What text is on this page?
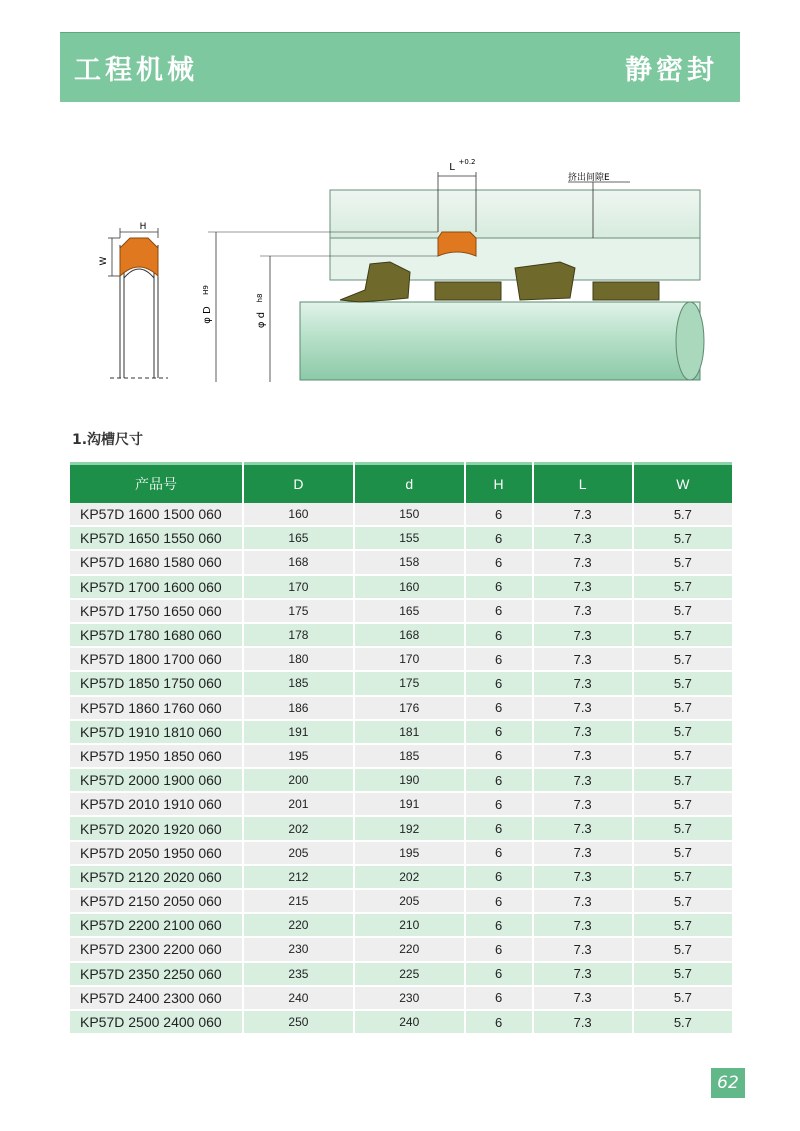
工程机械	静密封
H
W
L +0.2
挤出间隙E
φ D
H9
φ d
h8
1.沟槽尺寸
产品号	D	d	H	L	W
KP57D 1600 1500 060	160	150	6	7.3	5.7
KP57D 1650 1550 060	165	155	6	7.3	5.7
KP57D 1680 1580 060	168	158	6	7.3	5.7
KP57D 1700 1600 060	170	160	6	7.3	5.7
KP57D 1750 1650 060	175	165	6	7.3	5.7
KP57D 1780 1680 060	178	168	6	7.3	5.7
KP57D 1800 1700 060	180	170	6	7.3	5.7
KP57D 1850 1750 060	185	175	6	7.3	5.7
KP57D 1860 1760 060	186	176	6	7.3	5.7
KP57D 1910 1810 060	191	181	6	7.3	5.7
KP57D 1950 1850 060	195	185	6	7.3	5.7
KP57D 2000 1900 060	200	190	6	7.3	5.7
KP57D 2010 1910 060	201	191	6	7.3	5.7
KP57D 2020 1920 060	202	192	6	7.3	5.7
KP57D 2050 1950 060	205	195	6	7.3	5.7
KP57D 2120 2020 060	212	202	6	7.3	5.7
KP57D 2150 2050 060	215	205	6	7.3	5.7
KP57D 2200 2100 060	220	210	6	7.3	5.7
KP57D 2300 2200 060	230	220	6	7.3	5.7
KP57D 2350 2250 060	235	225	6	7.3	5.7
KP57D 2400 2300 060	240	230	6	7.3	5.7
KP57D 2500 2400 060	250	240	6	7.3	5.7
62
